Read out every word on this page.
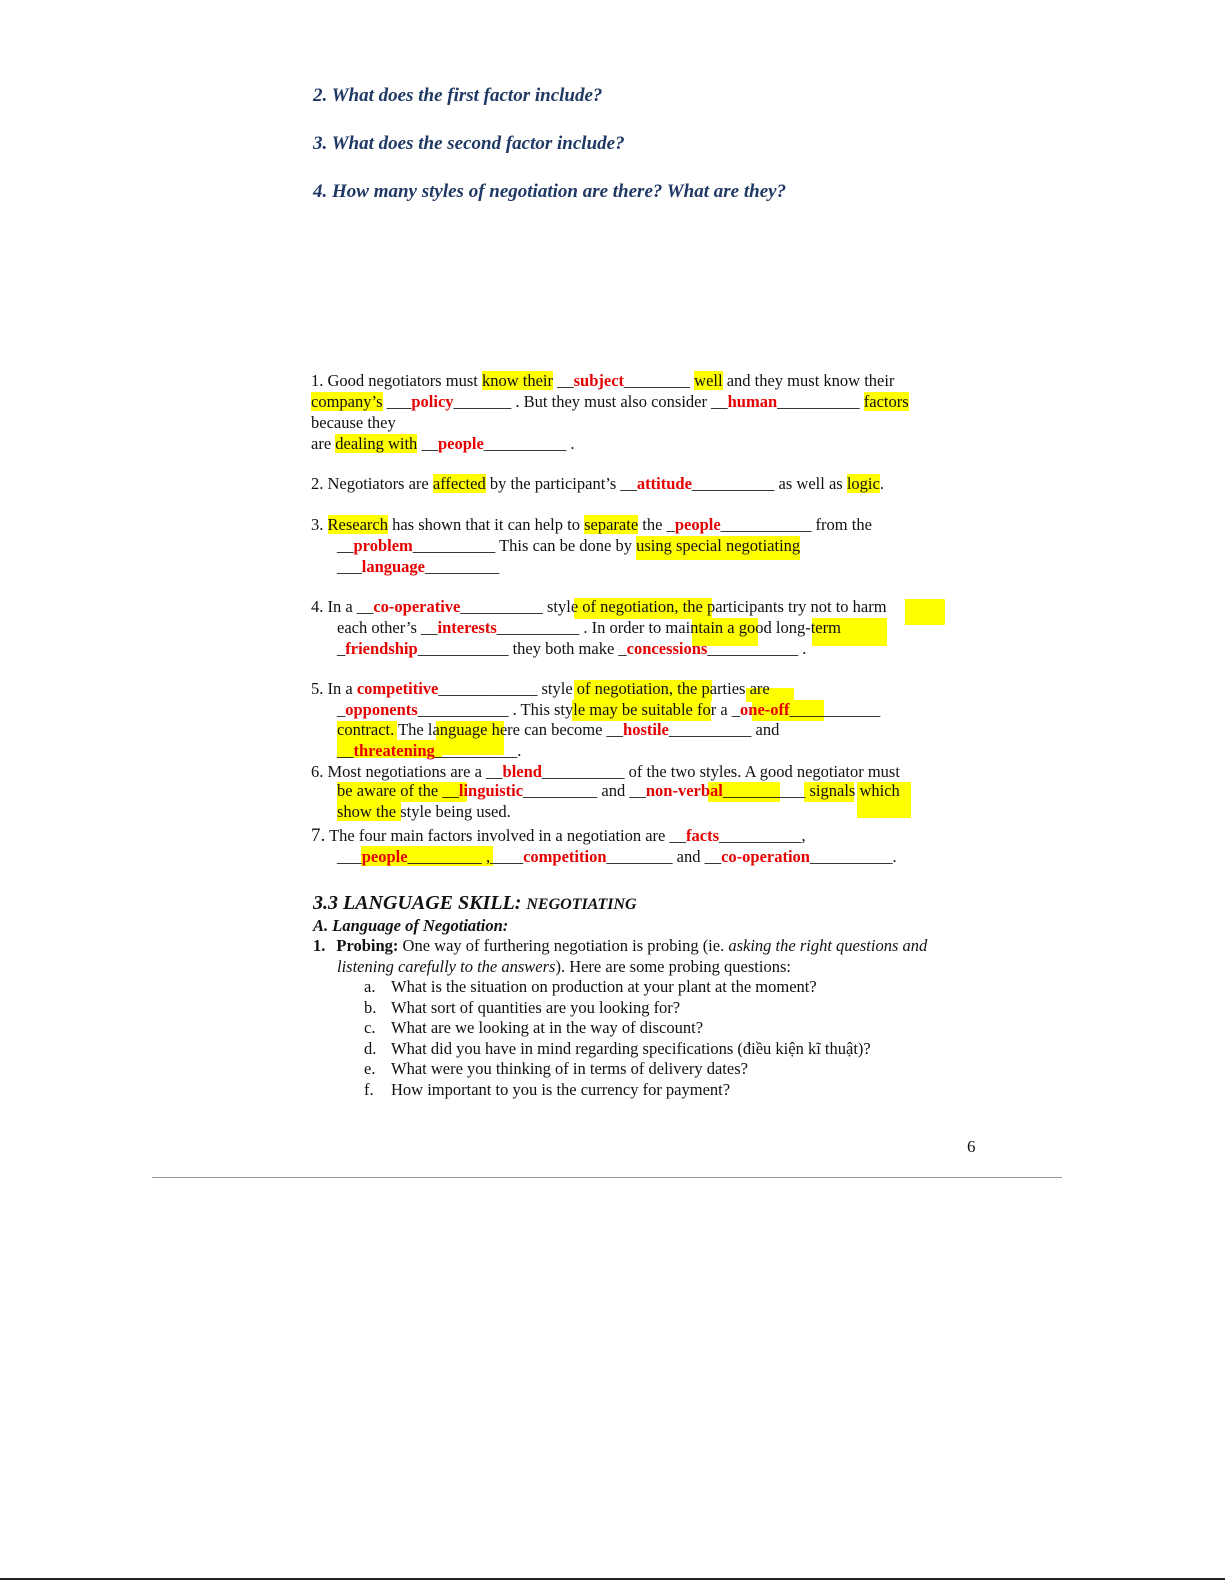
2. What does the first factor include?

3. What does the second factor include?

4. How many styles of negotiation are there? What are they?

1. Good negotiators must know their __subject________ well and they must know their

company’s ___policy_______ . But they must also consider __human__________ factors

because they

are dealing with __people__________ .

2. Negotiators are affected by the participant’s __attitude__________ as well as logic.

3. Research has shown that it can help to separate the _people___________ from the

__problem__________ This can be done by using special negotiating

___language_________

4. In a __co-operative__________ style of negotiation, the participants try not to harm

each other’s __interests__________ . In order to maintain a good long-term

_friendship___________ they both make _concessions___________ .

5. In a competitive____________ style of negotiation, the parties are

_opponents___________ . This style may be suitable for a _one-off___________

contract. The language here can become __hostile__________ and

__threatening__________.

6. Most negotiations are a __blend__________ of the two styles. A good negotiator must

be aware of the __linguistic_________ and __non-verbal__________ signals which

show the style being used.

7. The four main factors involved in a negotiation are __facts__________,

___people_________ ,____competition________ and __co-operation__________.

3.3 LANGUAGE SKILL: NEGOTIATING

A. Language of Negotiation:

1. Probing: One way of furthering negotiation is probing (ie. asking the right questions and

listening carefully to the answers). Here are some probing questions:

a. What is the situation on production at your plant at the moment?
b. What sort of quantities are you looking for?
c. What are we looking at in the way of discount?
d. What did you have in mind regarding specifications (điều kiện kĩ thuật)?
e. What were you thinking of in terms of delivery dates?
f. How important to you is the currency for payment?
6
